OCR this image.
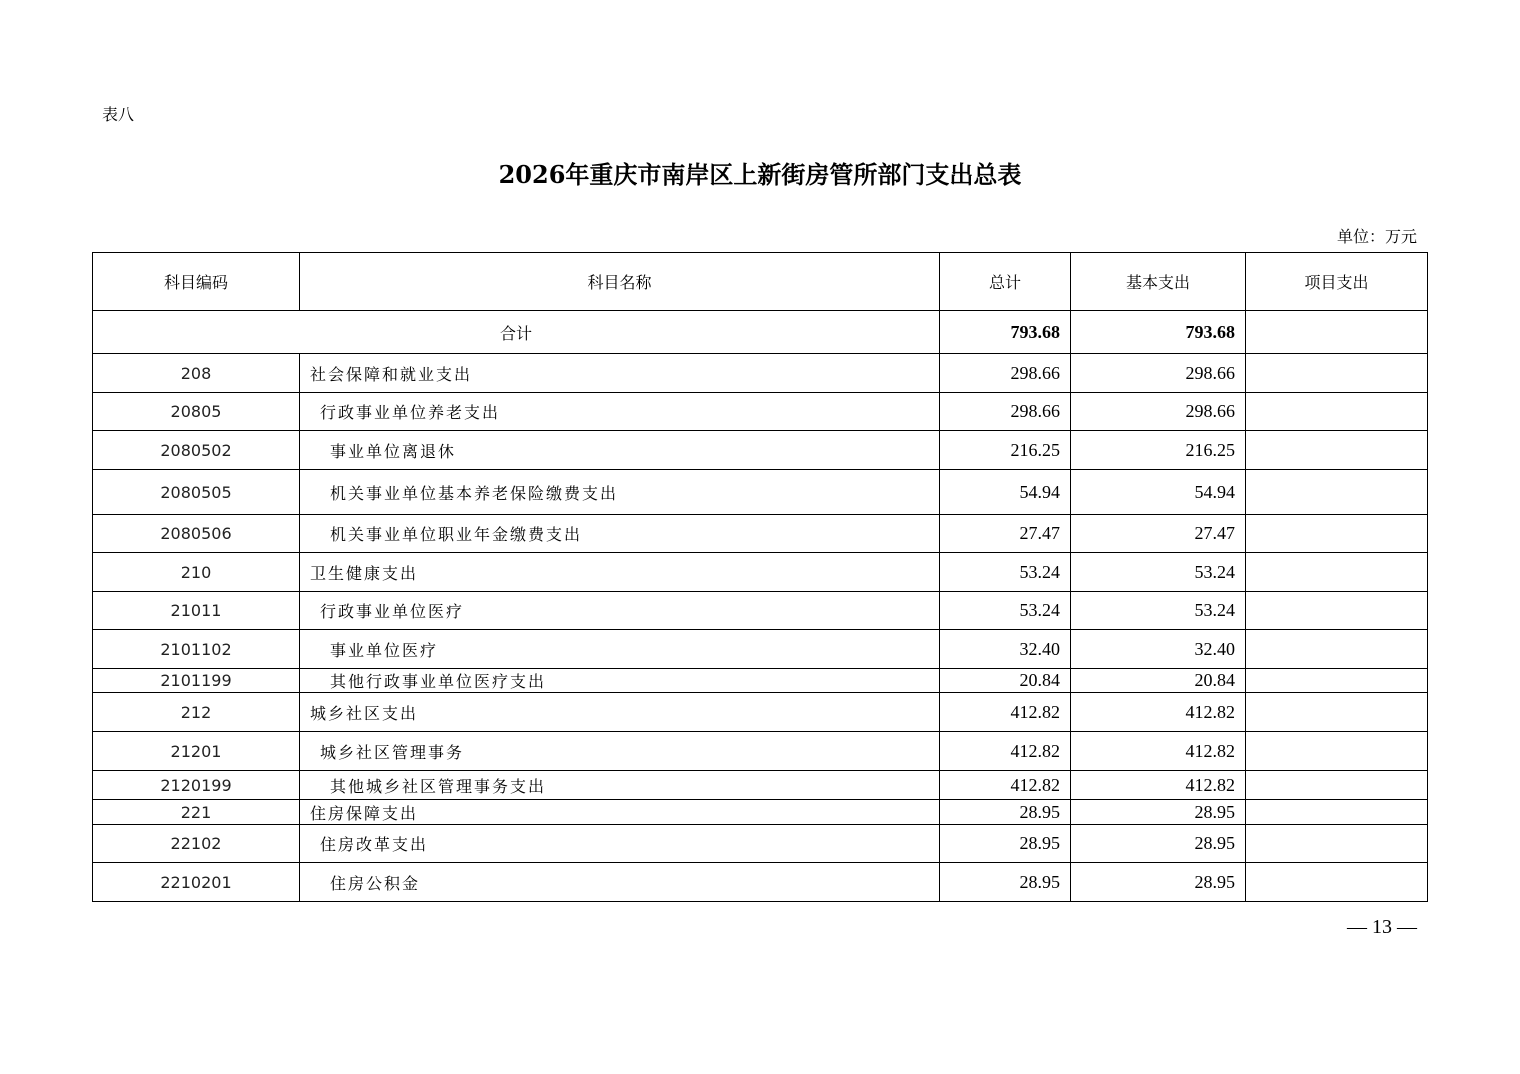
表八
2026年重庆市南岸区上新街房管所部门支出总表
单位：万元
科目编码	科目名称	总计	基本支出	项目支出
合计		793.68	793.68	
208	社会保障和就业支出	298.66	298.66	
20805	行政事业单位养老支出	298.66	298.66	
2080502	事业单位离退休	216.25	216.25	
2080505	机关事业单位基本养老保险缴费支出	54.94	54.94	
2080506	机关事业单位职业年金缴费支出	27.47	27.47	
210	卫生健康支出	53.24	53.24	
21011	行政事业单位医疗	53.24	53.24	
2101102	事业单位医疗	32.40	32.40	
2101199	其他行政事业单位医疗支出	20.84	20.84	
212	城乡社区支出	412.82	412.82	
21201	城乡社区管理事务	412.82	412.82	
2120199	其他城乡社区管理事务支出	412.82	412.82	
221	住房保障支出	28.95	28.95	
22102	住房改革支出	28.95	28.95	
2210201	住房公积金	28.95	28.95	
— 13 —
